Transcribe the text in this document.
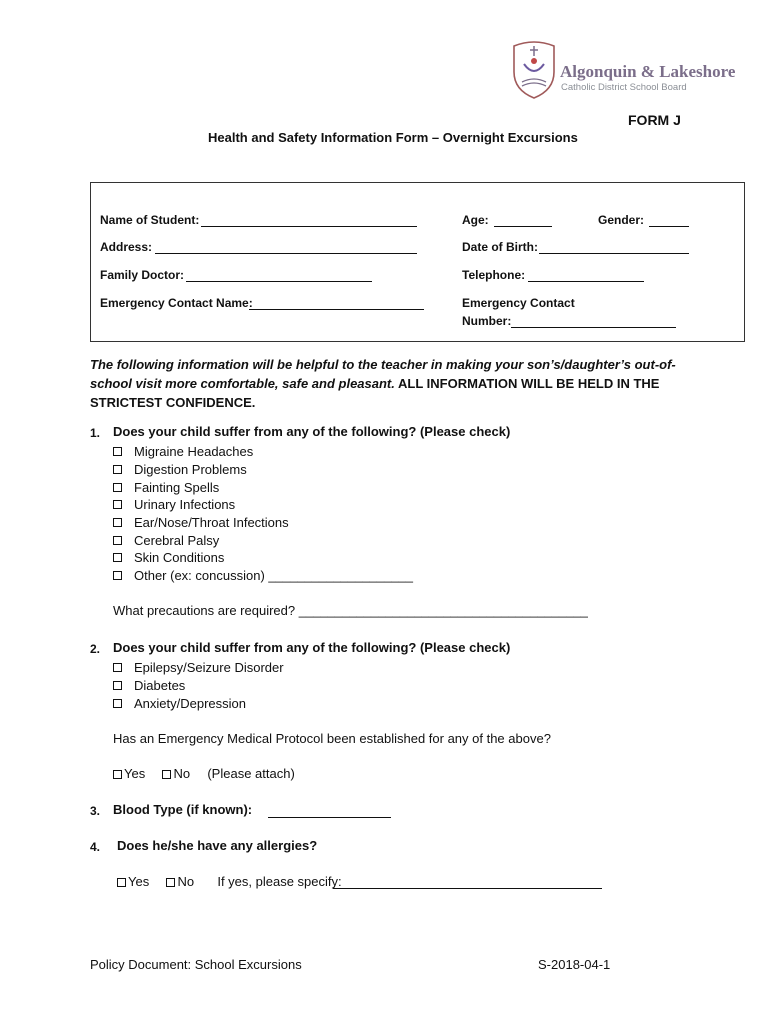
Algonquin & Lakeshore
Catholic District School Board
FORM J
Health and Safety Information Form – Overnight Excursions
Name of Student:	Age:	Gender:
Address:	Date of Birth:
Family Doctor:	Telephone:
Emergency Contact Name:	Emergency Contact
Number:
The following information will be helpful to the teacher in making your son’s/daughter’s out-of-school visit more comfortable, safe and pleasant. ALL INFORMATION WILL BE HELD IN THE STRICTEST CONFIDENCE.
1. Does your child suffer from any of the following? (Please check)
Migraine Headaches
Digestion Problems
Fainting Spells
Urinary Infections
Ear/Nose/Throat Infections
Cerebral Palsy
Skin Conditions
Other (ex: concussion) ____________________
What precautions are required? ________________________________________
2. Does your child suffer from any of the following? (Please check)
Epilepsy/Seizure Disorder
Diabetes
Anxiety/Depression
Has an Emergency Medical Protocol been established for any of the above?
Yes No (Please attach)
3. Blood Type (if known):
4. Does he/she have any allergies?
Yes No If yes, please specify:
Policy Document: School Excursions	S-2018-04-1
